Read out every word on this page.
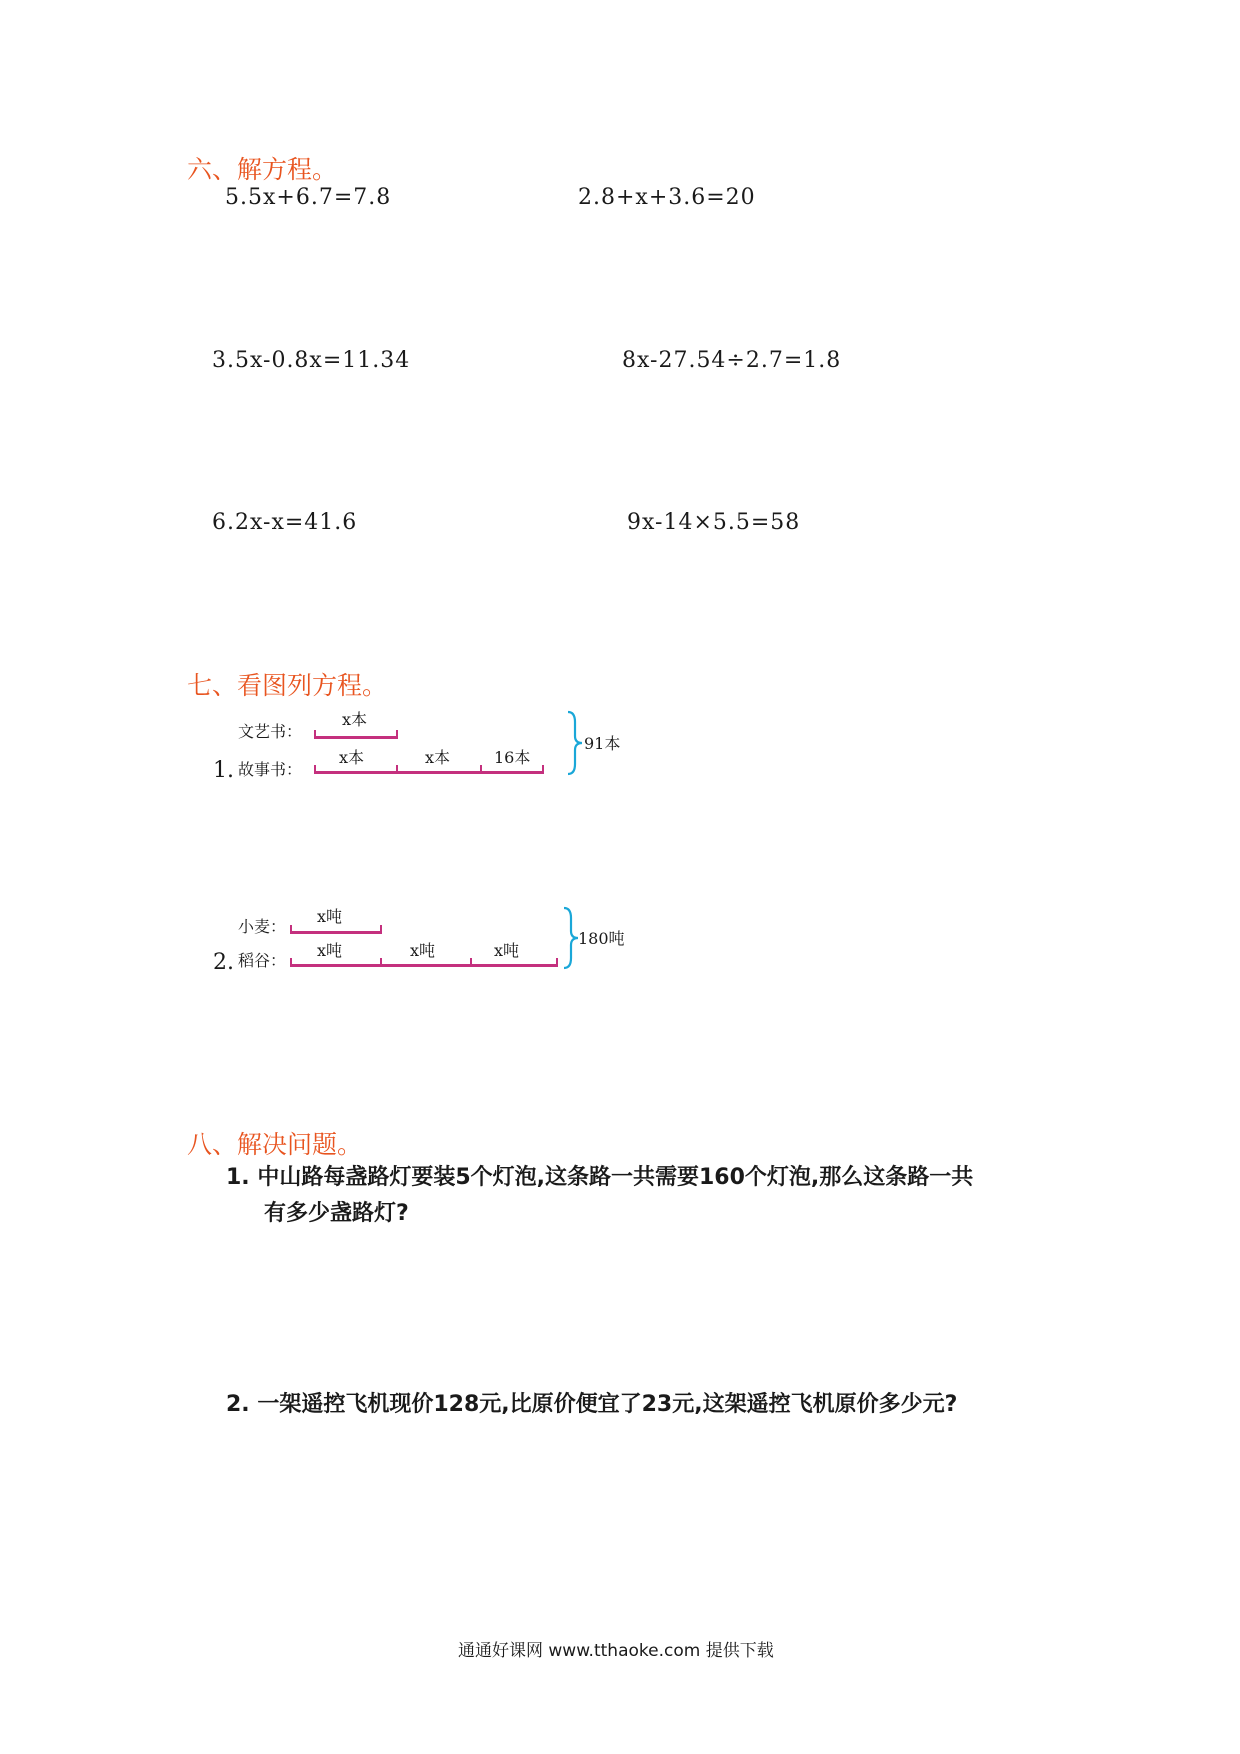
六、解方程。
5.5x+6.7=7.8	2.8+x+3.6=20
3.5x-0.8x=11.34	8x-27.54÷2.7=1.8
6.2x-x=41.6	9x-14×5.5=58
七、看图列方程。
文艺书：
x本
1. 故事书：
x本	x本	16本
91本
小麦：
x吨
2. 稻谷：
x吨	x吨	x吨
180吨
八、解决问题。
1. 中山路每盏路灯要装5个灯泡,这条路一共需要160个灯泡,那么这条路一共
有多少盏路灯?
2. 一架遥控飞机现价128元,比原价便宜了23元,这架遥控飞机原价多少元?
通通好课网 www.tthaoke.com 提供下载
